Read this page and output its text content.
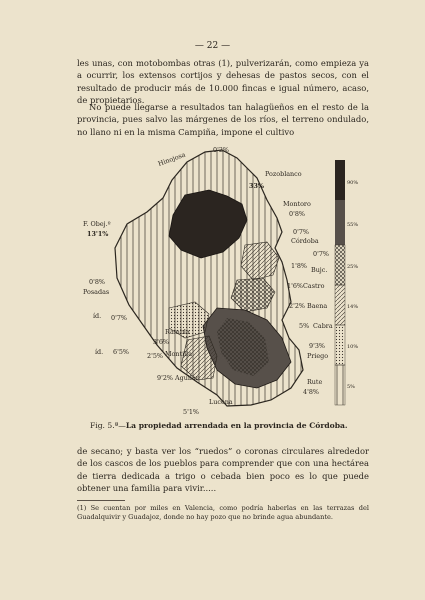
— 22 —

les unas, con motobombas otras (1), pulverizarán, como empieza ya a ocurrir, los extensos cortijos y dehesas de pastos secos, con el resultado de producir más de 10.000 fincas e igual número, acaso, de propietarios.

No puede llegarse a resultados tan halagüeños en el resto de la provincia, pues salvo las márgenes de los ríos, el terreno ondulado, no llano ni en la misma Campiña, impone el cultivo

90%
55%
25%
14%
10%
5%
Hinojosa
0'2%
Pozoblanco
33%
Montoro
0'8%
F. Obej.º
13'1%	0'7%
Córdoba
0'7%
1'8% Bujc.
0'8%
Posadas
1'6% Castro
2'2% Baena
5% Cabra
íd. 0'7%
Rambla
3'6%
íd. 6'5%	2'5% Montilla
9'3%
Priego
9'2% Aguilar	Rute
4'8%
Lucena
5'1%
Fig. 5.ª—La propiedad arrendada en la provincia de Córdoba.

de secano; y basta ver los “ruedos” o coronas circulares alrededor de los cascos de los pueblos para comprender que con una hectárea de tierra dedicada a trigo o cebada bien poco es lo que puede obtener una familia para vivir.....

(1) Se cuentan por miles en Valencia, como podría haberlas en las terrazas del Guadalquivir y Guadajoz, donde no hay pozo que no brinde agua abundante.
